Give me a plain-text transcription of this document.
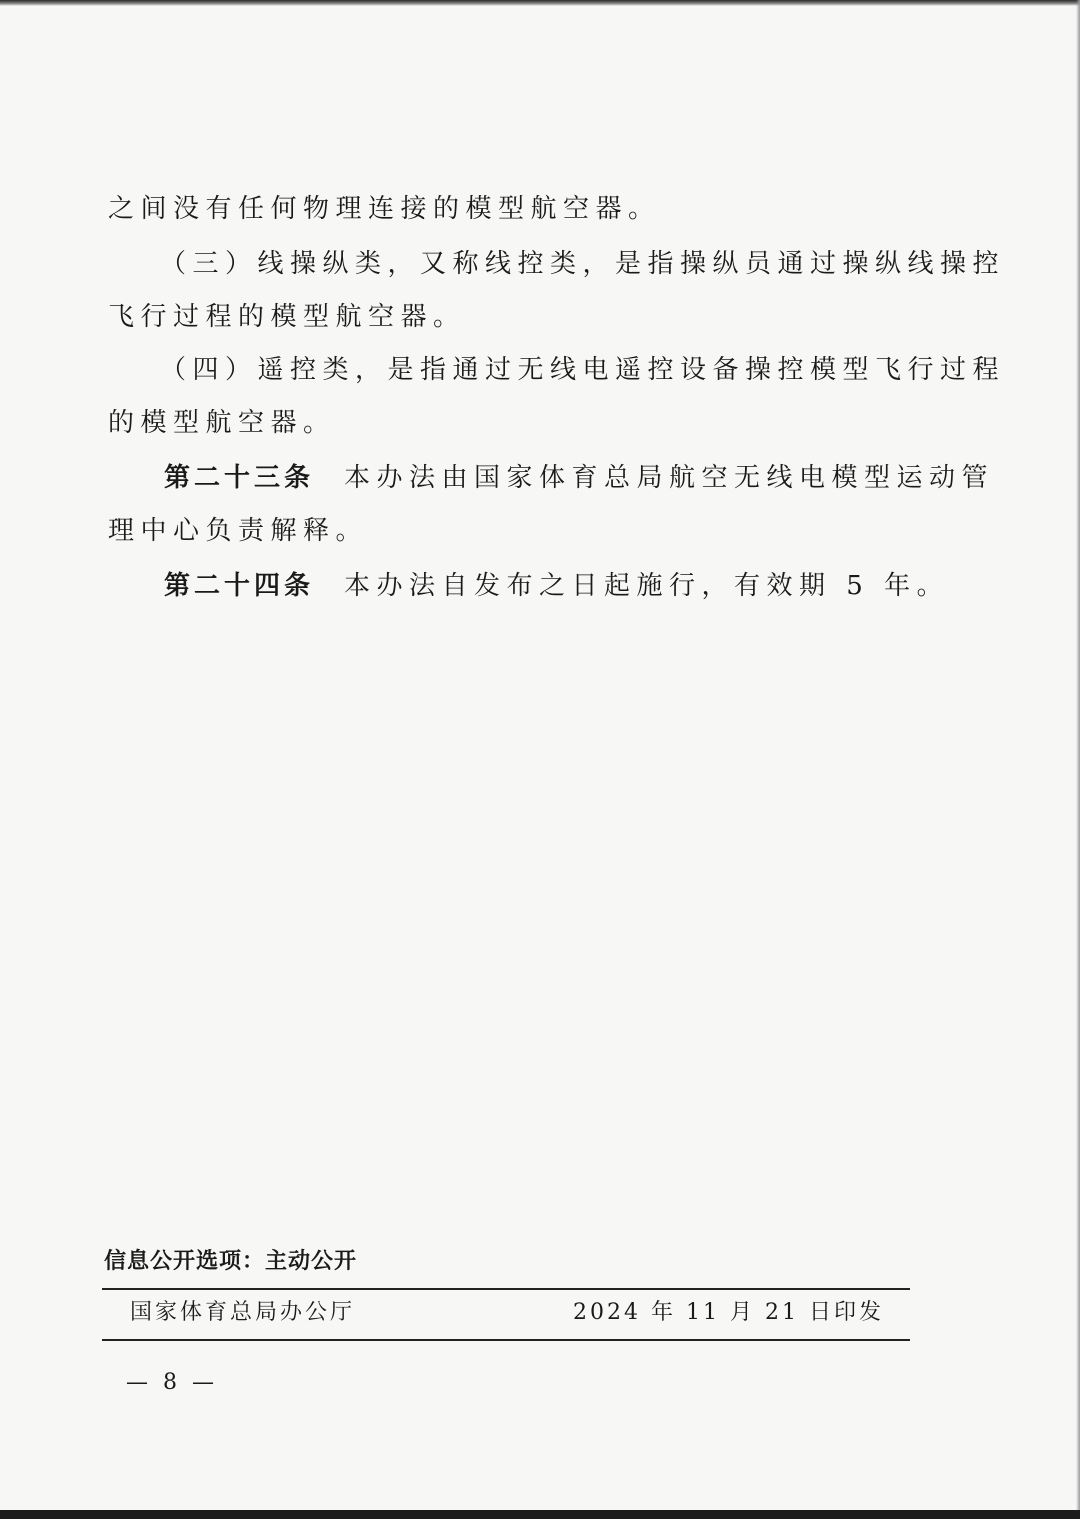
之间没有任何物理连接的模型航空器。

（三）线操纵类，又称线控类，是指操纵员通过操纵线操控

飞行过程的模型航空器。

（四）遥控类，是指通过无线电遥控设备操控模型飞行过程

的模型航空器。

第二十三条 本办法由国家体育总局航空无线电模型运动管

理中心负责解释。

第二十四条 本办法自发布之日起施行，有效期 5 年。

信息公开选项：主动公开

国家体育总局办公厅	2024 年 11 月 21 日印发

— 8 —
